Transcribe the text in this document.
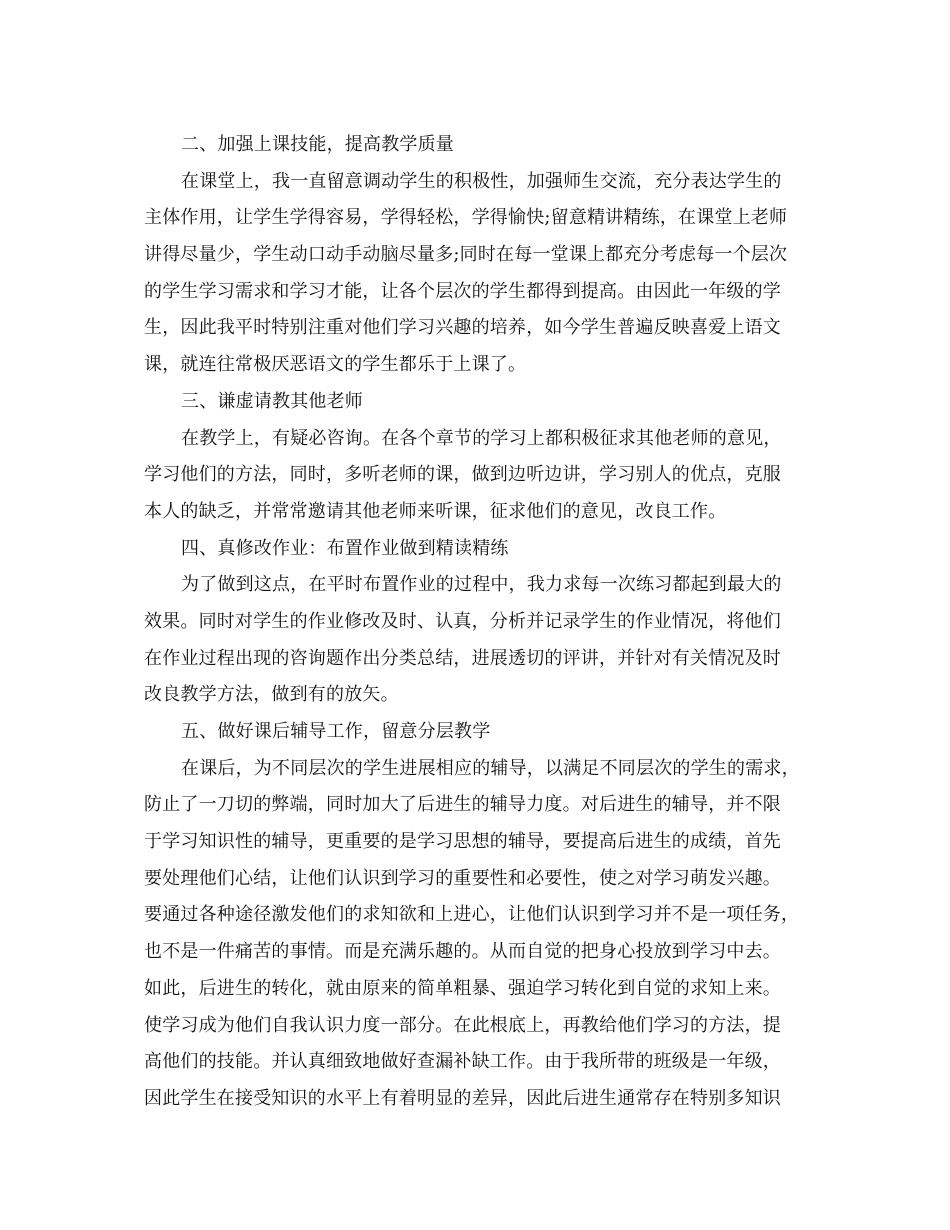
二、加强上课技能，提高教学质量
在课堂上，我一直留意调动学生的积极性，加强师生交流，充分表达学生的
主体作用，让学生学得容易，学得轻松，学得愉快;留意精讲精练，在课堂上老师
讲得尽量少，学生动口动手动脑尽量多;同时在每一堂课上都充分考虑每一个层次
的学生学习需求和学习才能，让各个层次的学生都得到提高。由因此一年级的学
生，因此我平时特别注重对他们学习兴趣的培养，如今学生普遍反映喜爱上语文
课，就连往常极厌恶语文的学生都乐于上课了。
三、谦虚请教其他老师
在教学上，有疑必咨询。在各个章节的学习上都积极征求其他老师的意见，
学习他们的方法，同时，多听老师的课，做到边听边讲，学习别人的优点，克服
本人的缺乏，并常常邀请其他老师来听课，征求他们的意见，改良工作。
四、真修改作业：布置作业做到精读精练
为了做到这点，在平时布置作业的过程中，我力求每一次练习都起到最大的
效果。同时对学生的作业修改及时、认真，分析并记录学生的作业情况，将他们
在作业过程出现的咨询题作出分类总结，进展透切的评讲，并针对有关情况及时
改良教学方法，做到有的放矢。
五、做好课后辅导工作，留意分层教学
在课后，为不同层次的学生进展相应的辅导，以满足不同层次的学生的需求，
防止了一刀切的弊端，同时加大了后进生的辅导力度。对后进生的辅导，并不限
于学习知识性的辅导，更重要的是学习思想的辅导，要提高后进生的成绩，首先
要处理他们心结，让他们认识到学习的重要性和必要性，使之对学习萌发兴趣。
要通过各种途径激发他们的求知欲和上进心，让他们认识到学习并不是一项任务，
也不是一件痛苦的事情。而是充满乐趣的。从而自觉的把身心投放到学习中去。
如此，后进生的转化，就由原来的简单粗暴、强迫学习转化到自觉的求知上来。
使学习成为他们自我认识力度一部分。在此根底上，再教给他们学习的方法，提
高他们的技能。并认真细致地做好查漏补缺工作。由于我所带的班级是一年级，
因此学生在接受知识的水平上有着明显的差异，因此后进生通常存在特别多知识
